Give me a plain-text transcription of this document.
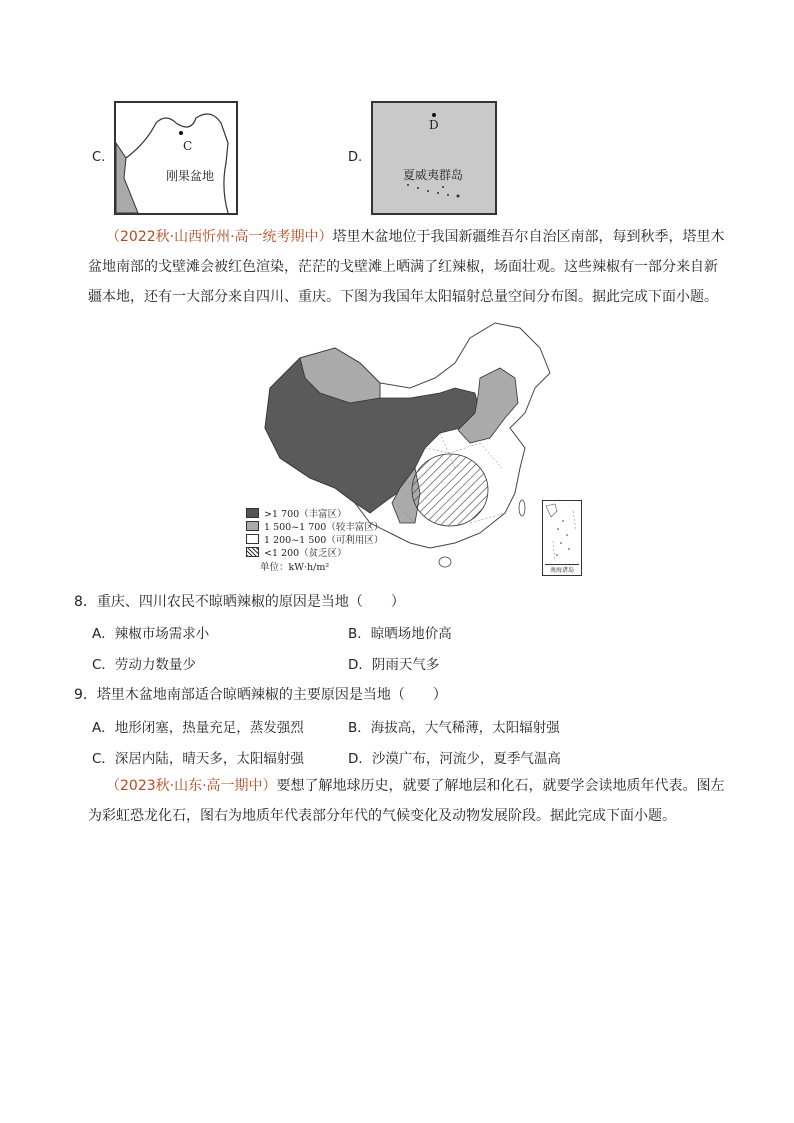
C.
C
刚果盆地
D.
D
夏威夷群岛
（2022秋·山西忻州·高一统考期中）塔里木盆地位于我国新疆维吾尔自治区南部，每到秋季，塔里木盆地南部的戈壁滩会被红色渲染，茫茫的戈壁滩上晒满了红辣椒，场面壮观。这些辣椒有一部分来自新疆本地，还有一大部分来自四川、重庆。下图为我国年太阳辐射总量空间分布图。据此完成下面小题。
>1 700（丰富区）
1 500~1 700（较丰富区）
1 200~1 500（可利用区）
<1 200（贫乏区）
单位：kW·h/m²	南海诸岛
8．重庆、四川农民不晾晒辣椒的原因是当地（　　）
A．辣椒市场需求小	B．晾晒场地价高
C．劳动力数量少	D．阴雨天气多
9．塔里木盆地南部适合晾晒辣椒的主要原因是当地（　　）
A．地形闭塞，热量充足，蒸发强烈	B．海拔高，大气稀薄，太阳辐射强
C．深居内陆，晴天多，太阳辐射强	D．沙漠广布，河流少，夏季气温高
（2023秋·山东·高一期中）要想了解地球历史，就要了解地层和化石，就要学会读地质年代表。图左为彩虹恐龙化石，图右为地质年代表部分年代的气候变化及动物发展阶段。据此完成下面小题。
